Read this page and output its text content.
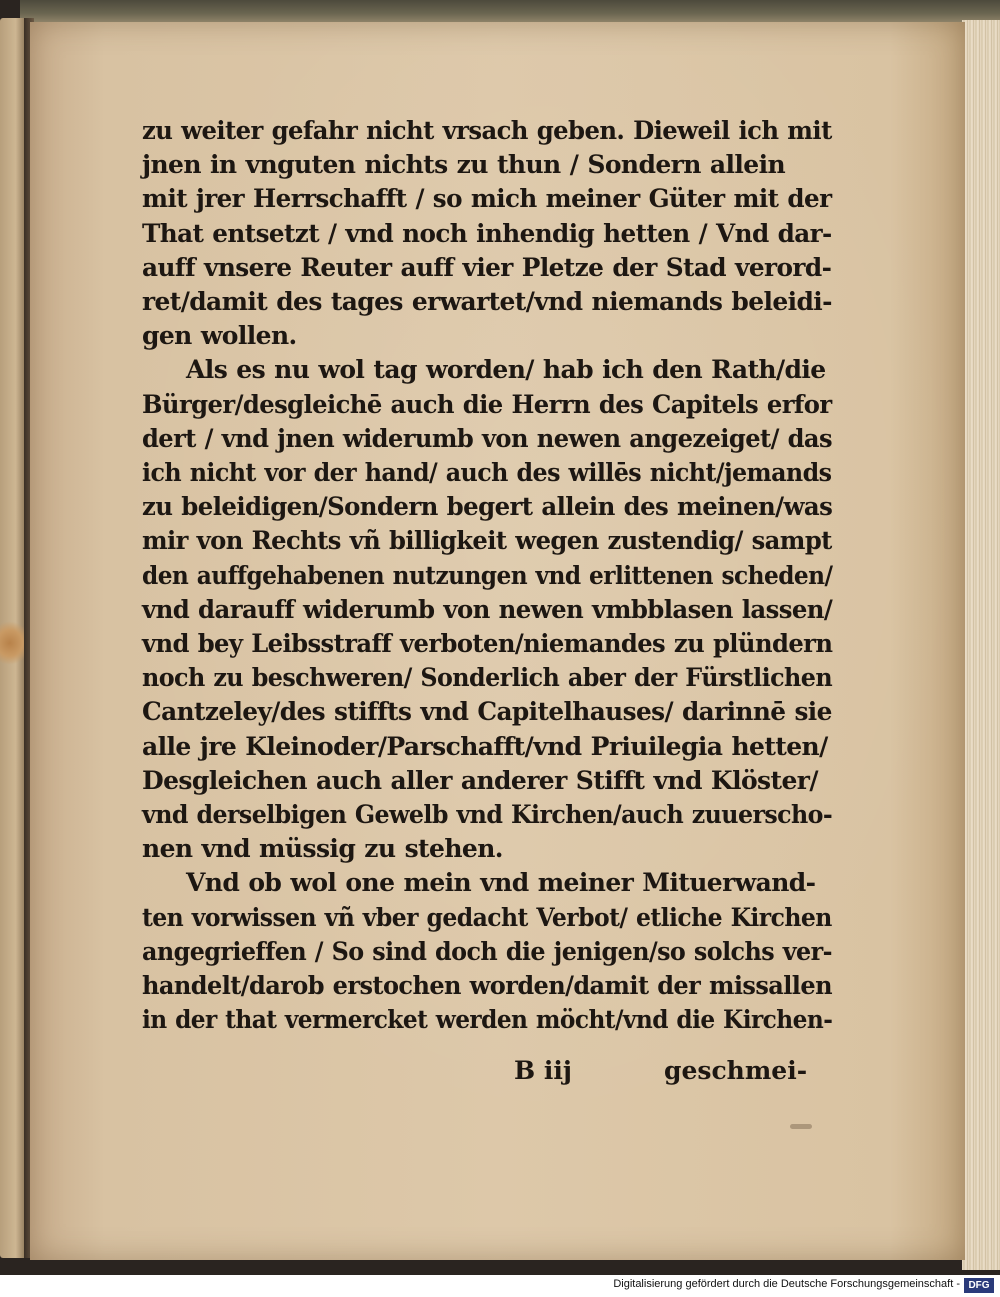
zu weiter gefahr nicht vrsach geben. Dieweil ich mit
jnen in vnguten nichts zu thun / Sondern allein
mit jrer Herrschafft / so mich meiner Güter mit der
That entsetzt / vnd noch inhendig hetten / Vnd dar-
auff vnsere Reuter auff vier Pletze der Stad verord-
ret/damit des tages erwartet/vnd niemands beleidi-
gen wollen.
Als es nu wol tag worden/ hab ich den Rath/die
Bürger/desgleichē auch die Herrn des Capitels erfor
dert / vnd jnen widerumb von newen angezeiget/ das
ich nicht vor der hand/ auch des willēs nicht/jemands
zu beleidigen/Sondern begert allein des meinen/was
mir von Rechts vñ billigkeit wegen zustendig/ sampt
den auffgehabenen nutzungen vnd erlittenen scheden/
vnd darauff widerumb von newen vmbblasen lassen/
vnd bey Leibsstraff verboten/niemandes zu plündern
noch zu beschweren/ Sonderlich aber der Fürstlichen
Cantzeley/des stiffts vnd Capitelhauses/ darinnē sie
alle jre Kleinoder/Parschafft/vnd Priuilegia hetten/
Desgleichen auch aller anderer Stifft vnd Klöster/
vnd derselbigen Gewelb vnd Kirchen/auch zuuerscho-
nen vnd müssig zu stehen.
Vnd ob wol one mein vnd meiner Mituerwand-
ten vorwissen vñ vber gedacht Verbot/ etliche Kirchen
angegrieffen / So sind doch die jenigen/so solchs ver-
handelt/darob erstochen worden/damit der missallen
in der that vermercket werden möcht/vnd die Kirchen-
B iij	geschmei-
Digitalisierung gefördert durch die Deutsche Forschungsgemeinschaft - DFG
